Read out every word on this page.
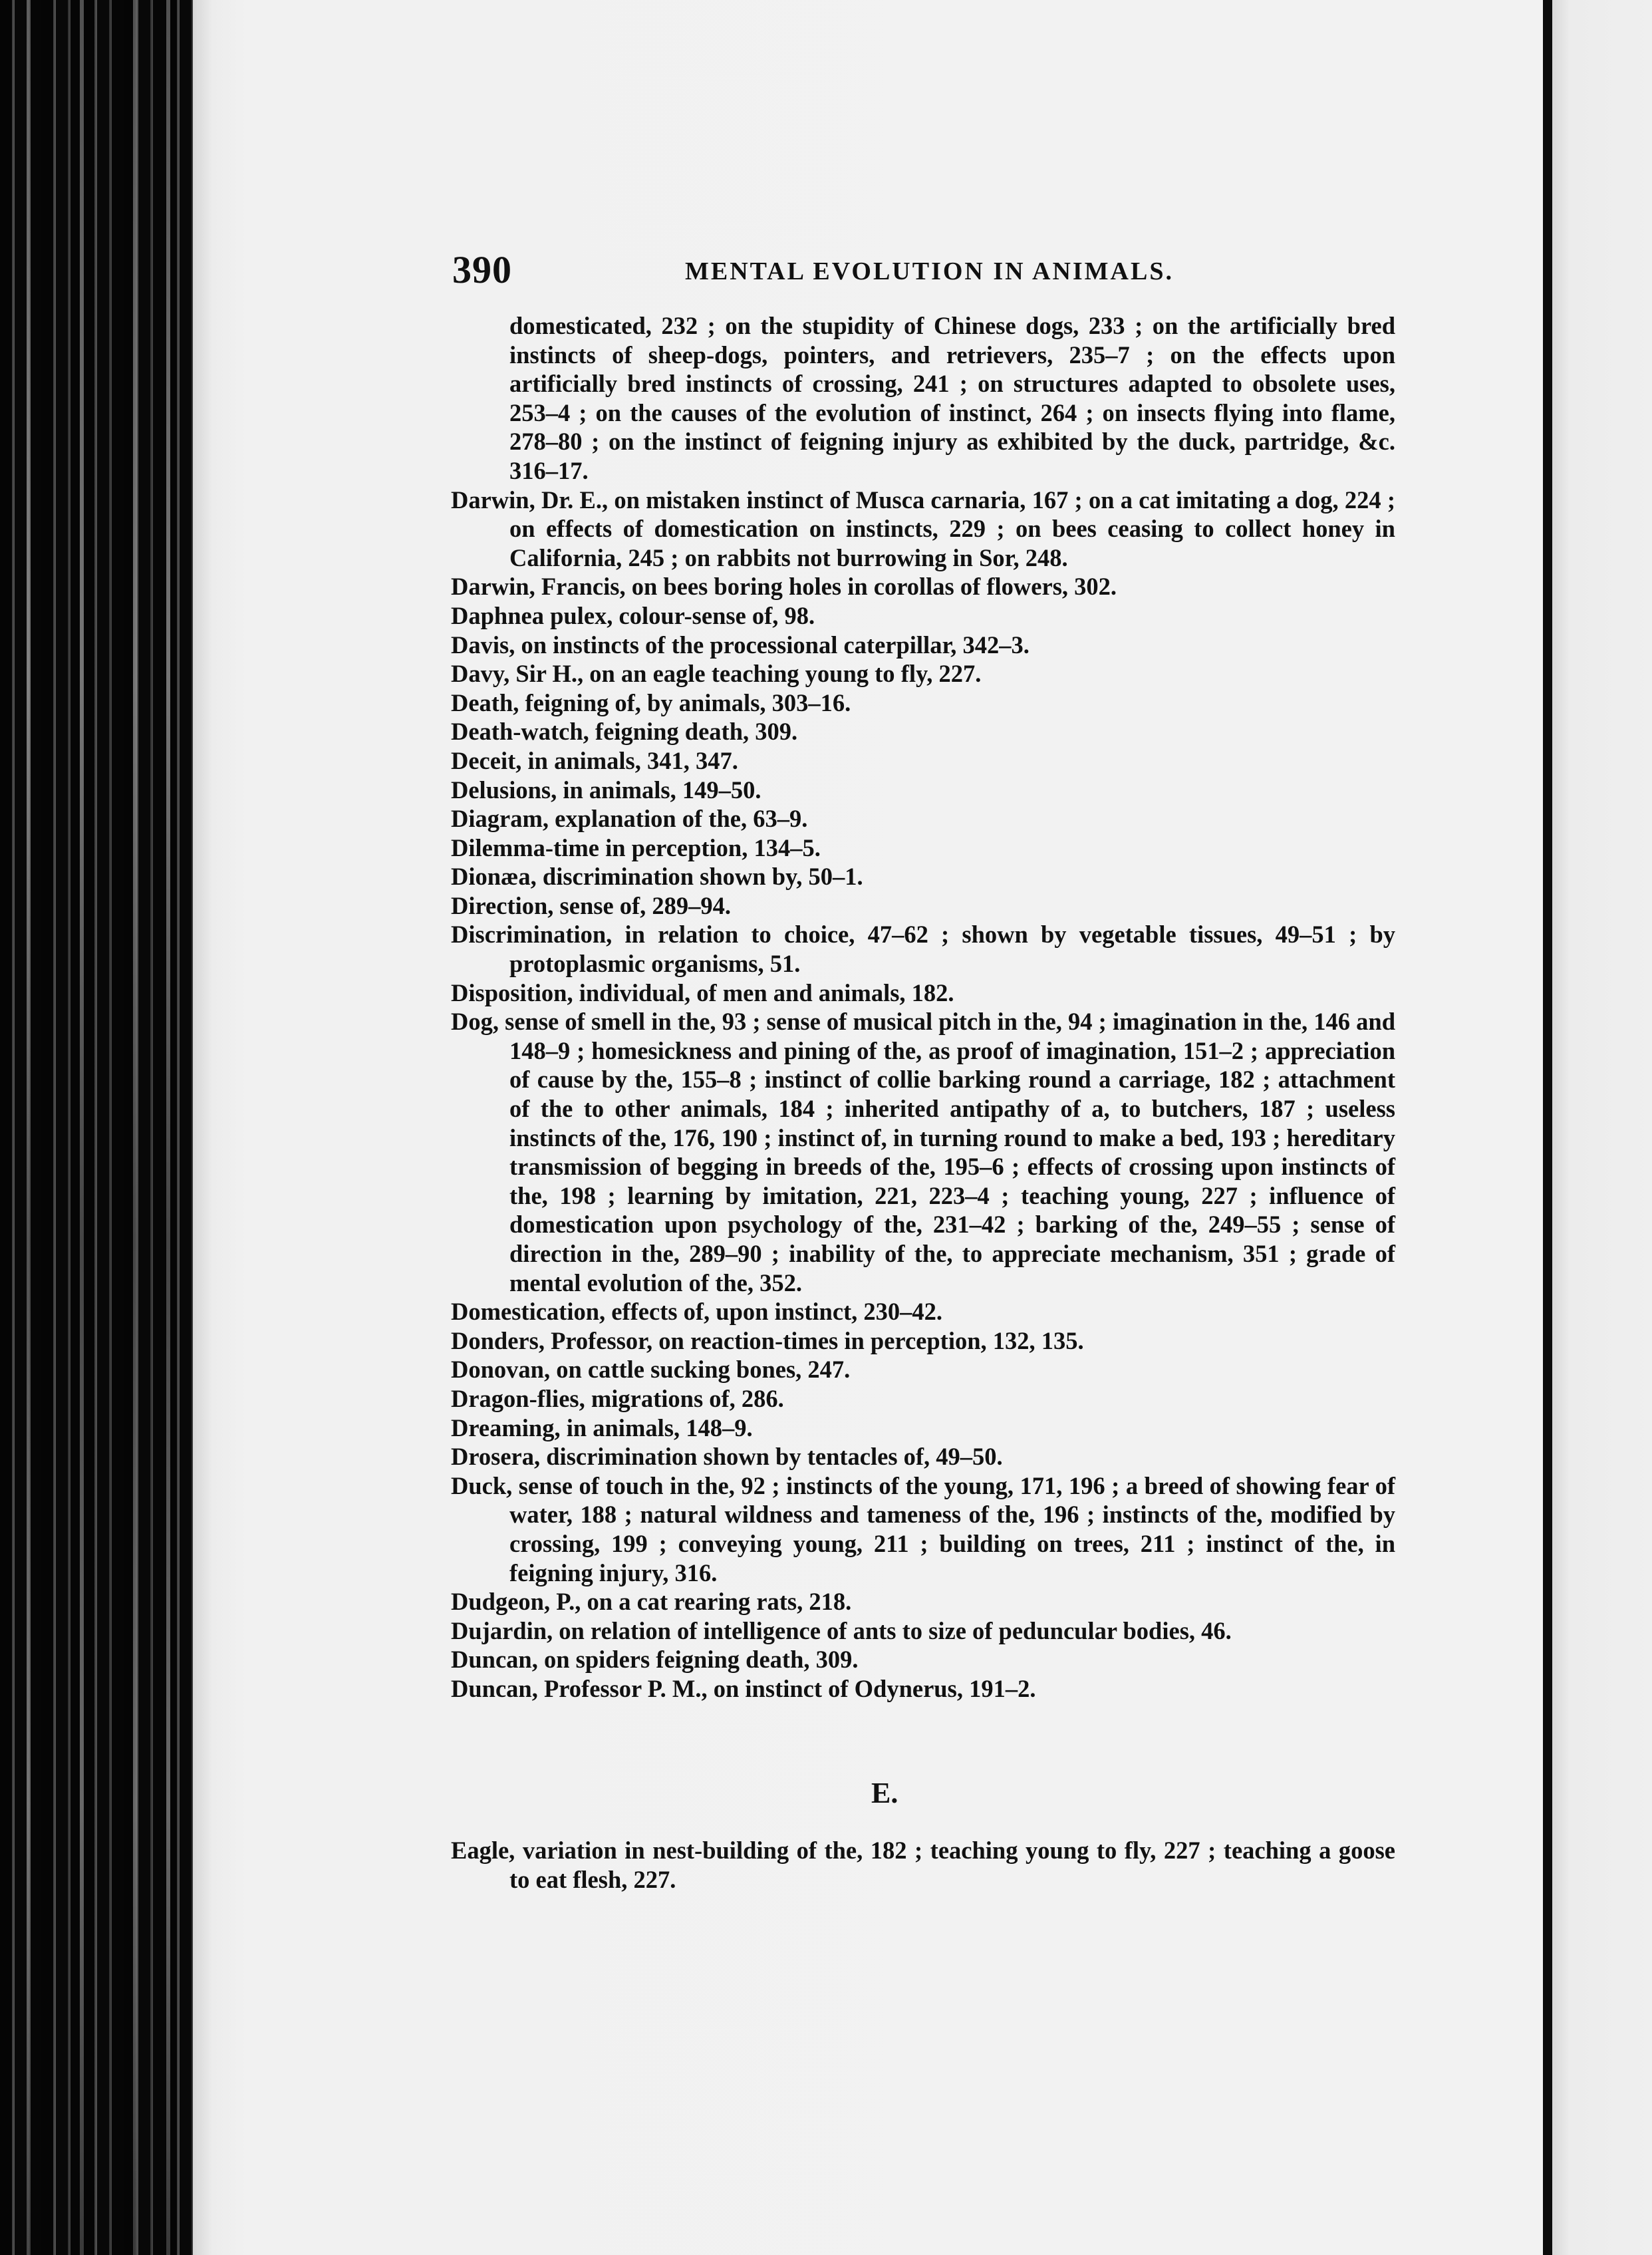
390	MENTAL EVOLUTION IN ANIMALS.
domesticated, 232 ; on the stupidity of Chinese dogs, 233 ; on the artificially bred instincts of sheep-dogs, pointers, and retrievers, 235–7 ; on the effects upon artificially bred instincts of crossing, 241 ; on structures adapted to obsolete uses, 253–4 ; on the causes of the evolution of instinct, 264 ; on insects flying into flame, 278–80 ; on the instinct of feigning injury as exhibited by the duck, partridge, &c. 316–17.
Darwin, Dr. E., on mistaken instinct of Musca carnaria, 167 ; on a cat imitating a dog, 224 ; on effects of domestication on instincts, 229 ; on bees ceasing to collect honey in California, 245 ; on rabbits not burrowing in Sor, 248.
Darwin, Francis, on bees boring holes in corollas of flowers, 302.
Daphnea pulex, colour-sense of, 98.
Davis, on instincts of the processional caterpillar, 342–3.
Davy, Sir H., on an eagle teaching young to fly, 227.
Death, feigning of, by animals, 303–16.
Death-watch, feigning death, 309.
Deceit, in animals, 341, 347.
Delusions, in animals, 149–50.
Diagram, explanation of the, 63–9.
Dilemma-time in perception, 134–5.
Dionæa, discrimination shown by, 50–1.
Direction, sense of, 289–94.
Discrimination, in relation to choice, 47–62 ; shown by vegetable tissues, 49–51 ; by protoplasmic organisms, 51.
Disposition, individual, of men and animals, 182.
Dog, sense of smell in the, 93 ; sense of musical pitch in the, 94 ; imagination in the, 146 and 148–9 ; homesickness and pining of the, as proof of imagination, 151–2 ; appreciation of cause by the, 155–8 ; instinct of collie barking round a carriage, 182 ; attachment of the to other animals, 184 ; inherited antipathy of a, to butchers, 187 ; useless instincts of the, 176, 190 ; instinct of, in turning round to make a bed, 193 ; hereditary transmission of begging in breeds of the, 195–6 ; effects of crossing upon instincts of the, 198 ; learning by imitation, 221, 223–4 ; teaching young, 227 ; influence of domestication upon psychology of the, 231–42 ; barking of the, 249–55 ; sense of direction in the, 289–90 ; inability of the, to appreciate mechanism, 351 ; grade of mental evolution of the, 352.
Domestication, effects of, upon instinct, 230–42.
Donders, Professor, on reaction-times in perception, 132, 135.
Donovan, on cattle sucking bones, 247.
Dragon-flies, migrations of, 286.
Dreaming, in animals, 148–9.
Drosera, discrimination shown by tentacles of, 49–50.
Duck, sense of touch in the, 92 ; instincts of the young, 171, 196 ; a breed of showing fear of water, 188 ; natural wildness and tameness of the, 196 ; instincts of the, modified by crossing, 199 ; conveying young, 211 ; building on trees, 211 ; instinct of the, in feigning injury, 316.
Dudgeon, P., on a cat rearing rats, 218.
Dujardin, on relation of intelligence of ants to size of peduncular bodies, 46.
Duncan, on spiders feigning death, 309.
Duncan, Professor P. M., on instinct of Odynerus, 191–2.
E.
Eagle, variation in nest-building of the, 182 ; teaching young to fly, 227 ; teaching a goose to eat flesh, 227.
